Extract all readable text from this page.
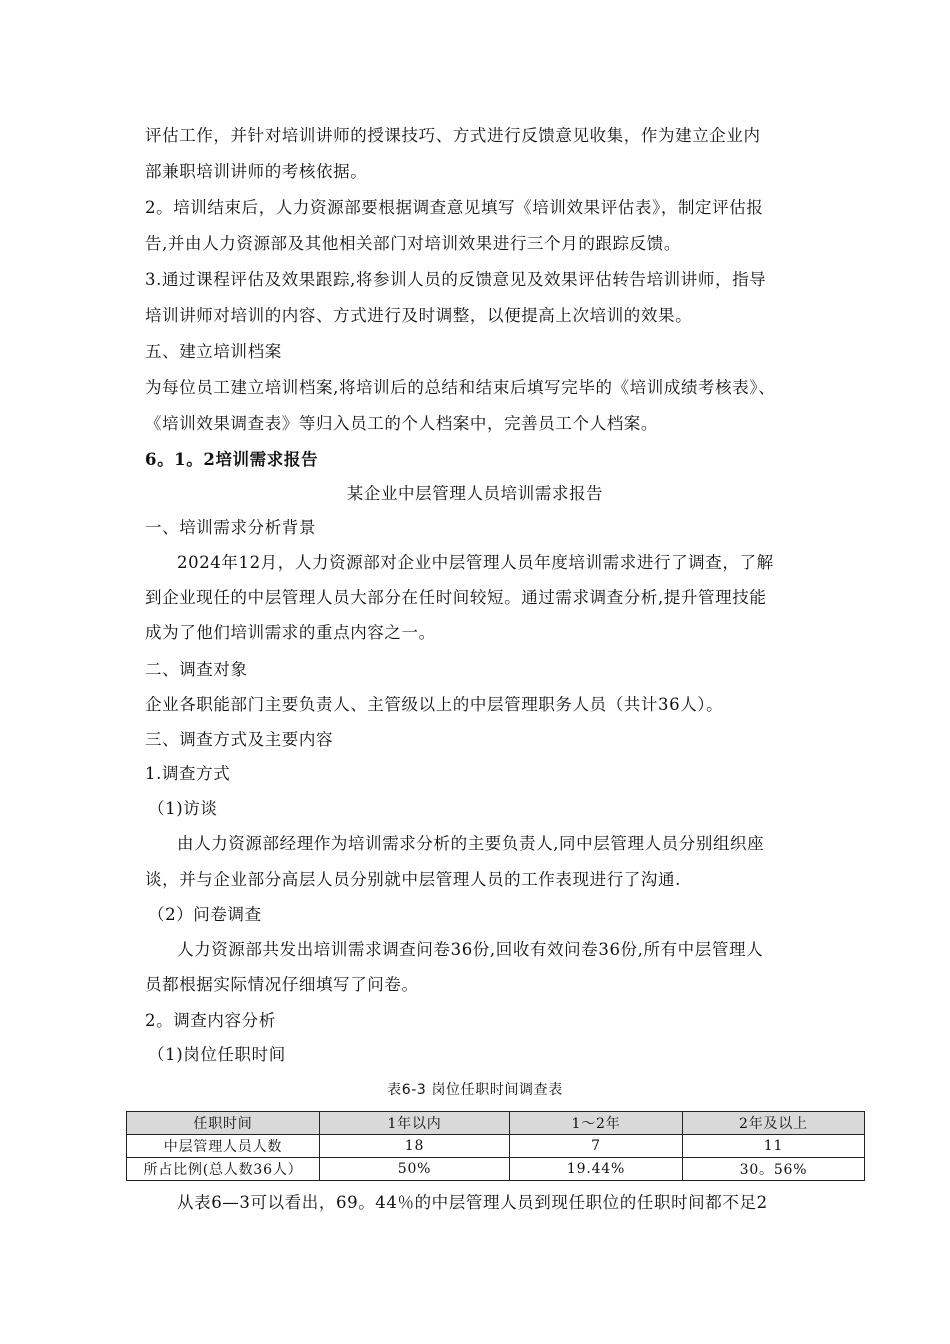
评估工作，并针对培训讲师的授课技巧、方式进行反馈意见收集，作为建立企业内
部兼职培训讲师的考核依据。
2。培训结束后，人力资源部要根据调查意见填写《培训效果评估表》，制定评估报
告,并由人力资源部及其他相关部门对培训效果进行三个月的跟踪反馈。
3.通过课程评估及效果跟踪,将参训人员的反馈意见及效果评估转告培训讲师，指导
培训讲师对培训的内容、方式进行及时调整，以便提高上次培训的效果。
五、建立培训档案
为每位员工建立培训档案,将培训后的总结和结束后填写完毕的《培训成绩考核表》、
《培训效果调查表》等归入员工的个人档案中，完善员工个人档案。
6。1。2培训需求报告
某企业中层管理人员培训需求报告
一、培训需求分析背景
2024年12月，人力资源部对企业中层管理人员年度培训需求进行了调查，了解
到企业现任的中层管理人员大部分在任时间较短。通过需求调查分析,提升管理技能
成为了他们培训需求的重点内容之一。
二、调查对象
企业各职能部门主要负责人、主管级以上的中层管理职务人员（共计36人）。
三、调查方式及主要内容
1.调查方式
（1)访谈
由人力资源部经理作为培训需求分析的主要负责人,同中层管理人员分别组织座
谈，并与企业部分高层人员分别就中层管理人员的工作表现进行了沟通.
（2）问卷调查
人力资源部共发出培训需求调查问卷36份,回收有效问卷36份,所有中层管理人
员都根据实际情况仔细填写了问卷。
2。调查内容分析
（1)岗位任职时间
表6-3 岗位任职时间调查表
任职时间	1年以内	1～2年	2年及以上
中层管理人员人数	18	7	11
所占比例(总人数36人）	50%	19.44%	30。56%
从表6—3可以看出，69。44％的中层管理人员到现任职位的任职时间都不足2
